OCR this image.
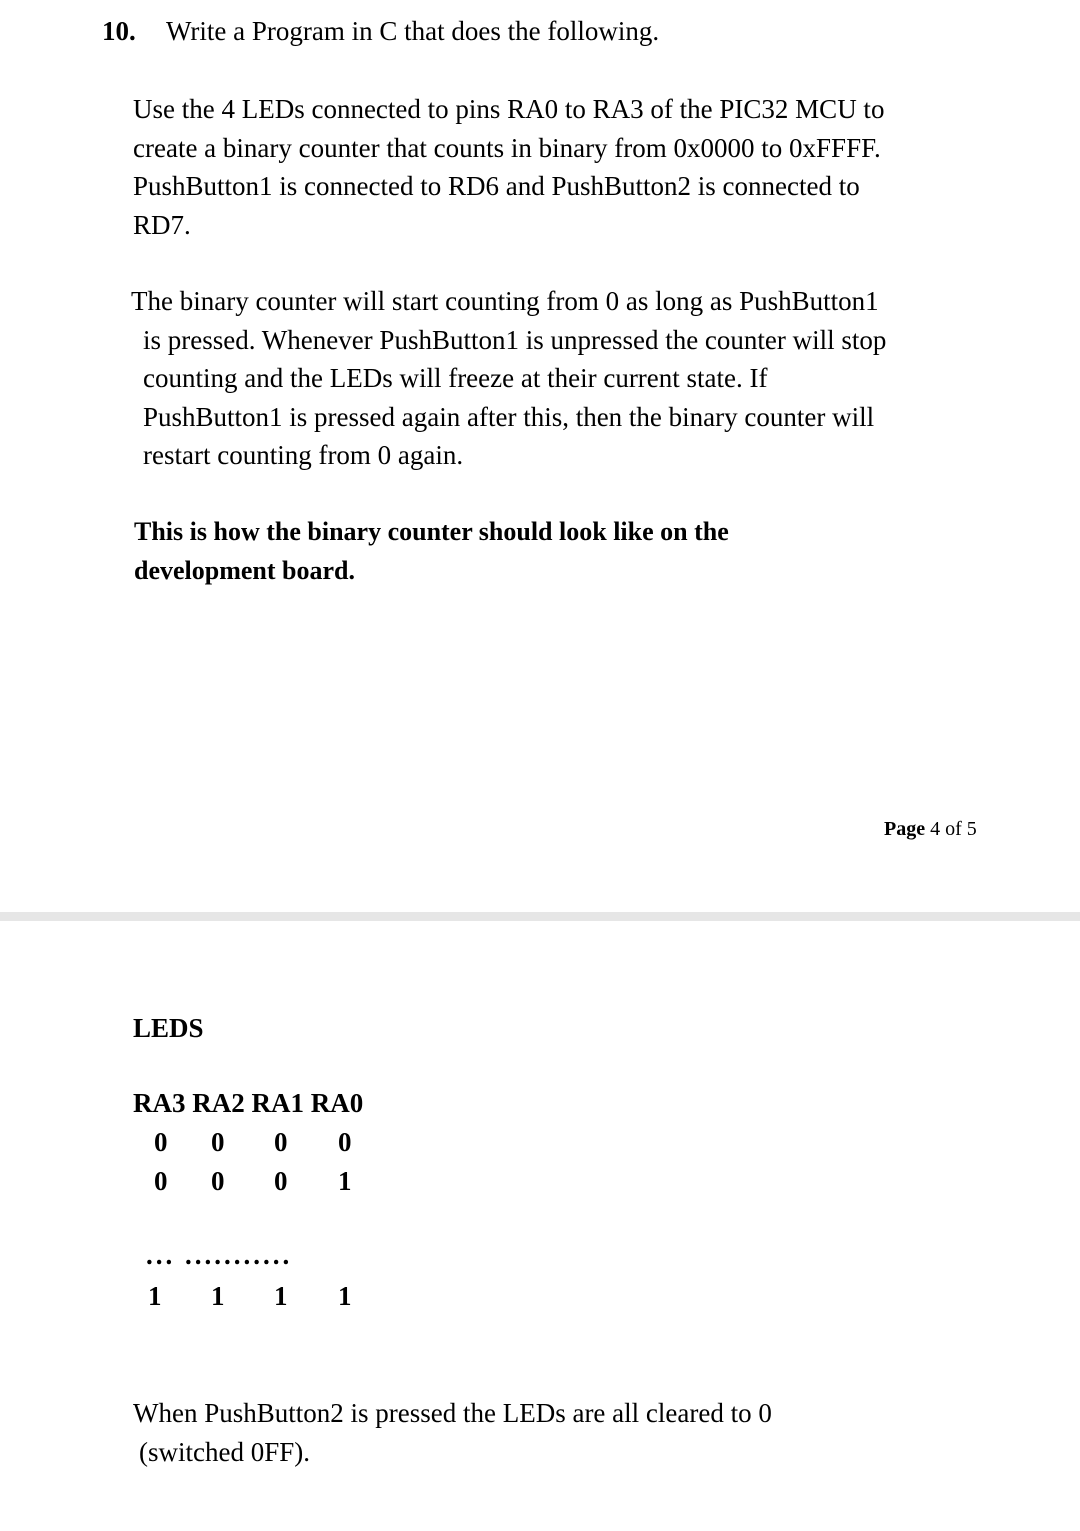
10. Write a Program in C that does the following.
Use the 4 LEDs connected to pins RA0 to RA3 of the PIC32 MCU to
create a binary counter that counts in binary from 0x0000 to 0xFFFF.
PushButton1 is connected to RD6 and PushButton2 is connected to
RD7.
The binary counter will start counting from 0 as long as PushButton1
is pressed. Whenever PushButton1 is unpressed the counter will stop
counting and the LEDs will freeze at their current state. If
PushButton1 is pressed again after this, then the binary counter will
restart counting from 0 again.
This is how the binary counter should look like on the
development board.
Page 4 of 5
LEDS
RA3 RA2 RA1 RA0
0 0 0 0
0 0 0 1
... ...........
1 1 1 1
When PushButton2 is pressed the LEDs are all cleared to 0
(switched 0FF).
